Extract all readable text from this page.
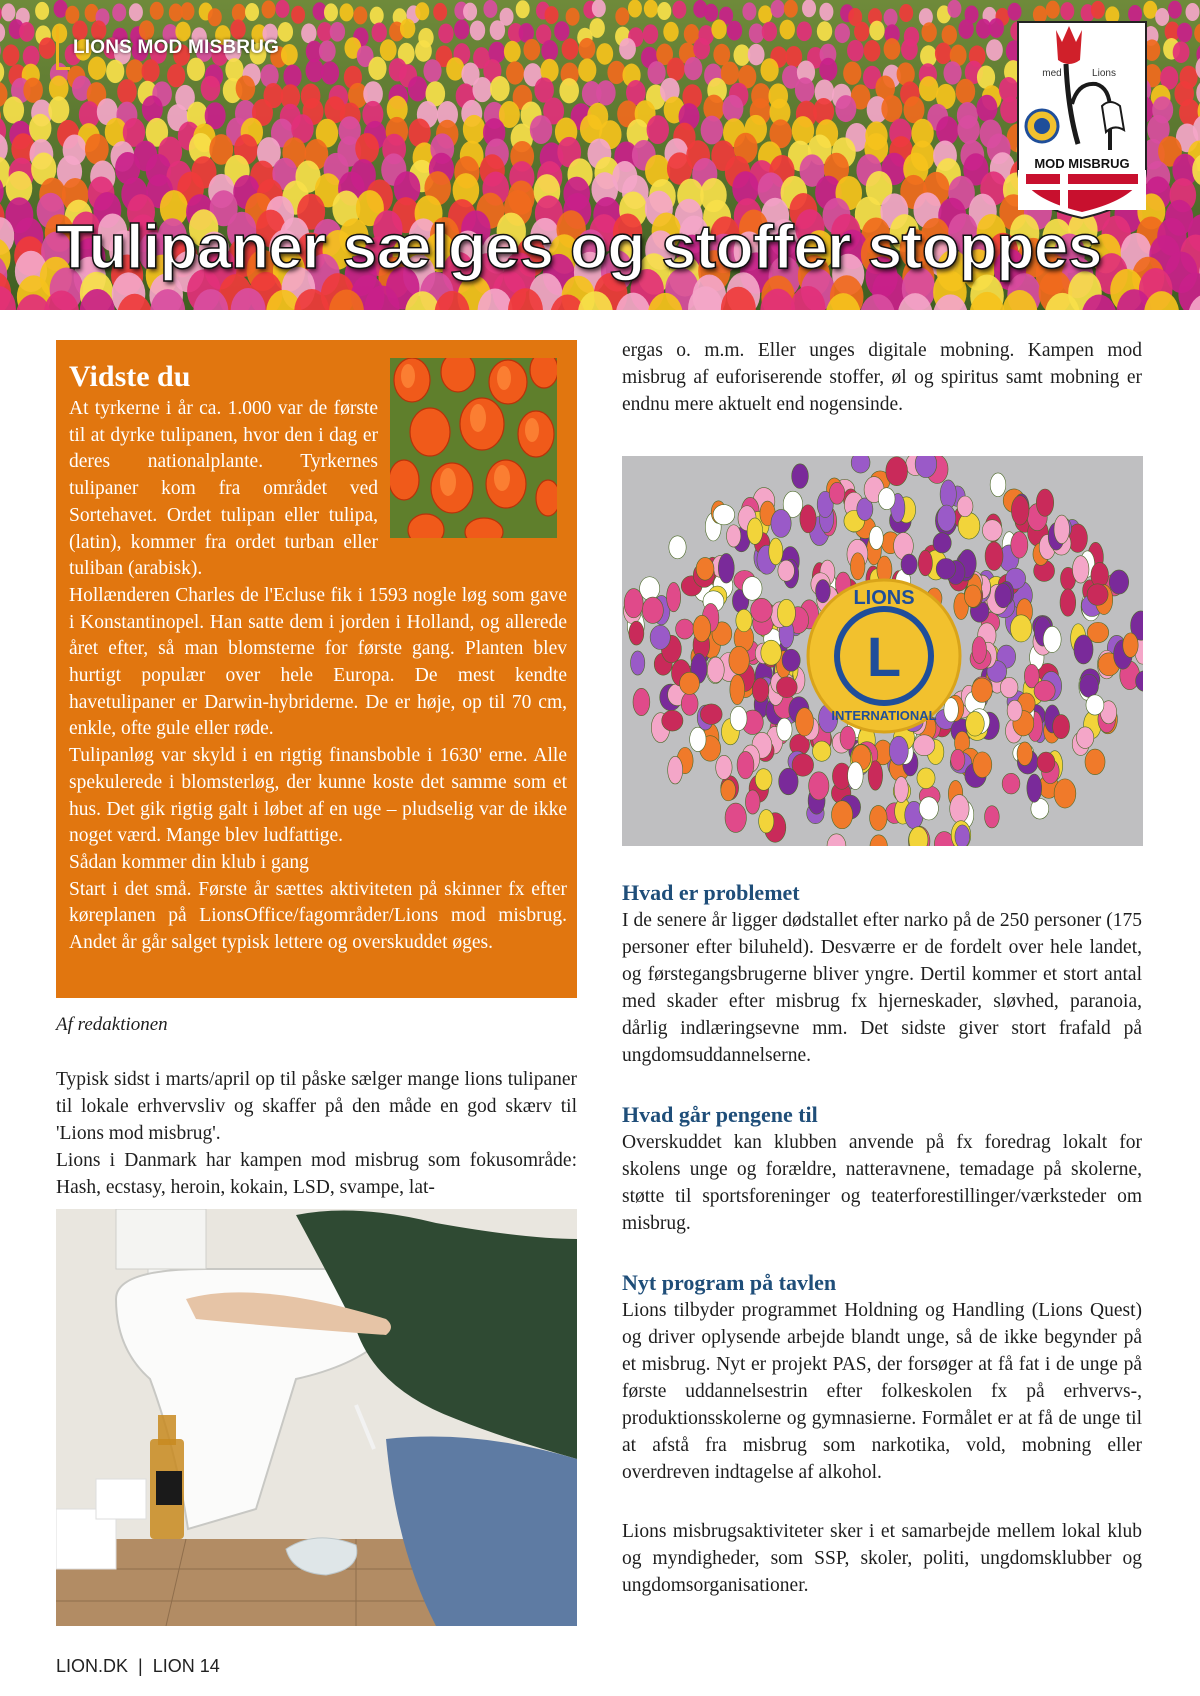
LIONS MOD MISBRUG
med	Lions
MOD MISBRUG
Tulipaner sælges og stoffer stoppes
Vidste du

At tyrkerne i år ca. 1.000 var de første til at dyrke tulipanen, hvor den i dag er deres nationalplante. Tyrkernes tulipaner kom fra området ved Sortehavet. Ordet tulipan eller tulipa, (latin), kommer fra ordet turban eller tuliban (arabisk).

Hollænderen Charles de l'Ecluse fik i 1593 nogle løg som gave i Konstantinopel. Han satte dem i jorden i Holland, og allerede året efter, så man blomsterne for første gang. Planten blev hurtigt populær over hele Europa. De mest kendte havetulipaner er Darwin-hybriderne. De er høje, op til 70 cm, enkle, ofte gule eller røde.

Tulipanløg var skyld i en rigtig finansboble i 1630' erne. Alle spekulerede i blomsterløg, der kunne koste det samme som et hus. Det gik rigtig galt i løbet af en uge – pludselig var de ikke noget værd. Mange blev ludfattige.

Sådan kommer din klub i gang

Start i det små. Første år sættes aktiviteten på skinner fx efter køreplanen på LionsOffice/fagområder/Lions mod misbrug. Andet år går salget typisk lettere og overskuddet øges.

Af redaktionen

Typisk sidst i marts/april op til påske sælger mange lions tulipaner til lokale erhvervsliv og skaffer på den måde en god skærv til 'Lions mod misbrug'.

Lions i Danmark har kampen mod misbrug som fokusområde: Hash, ecstasy, heroin, kokain, LSD, svampe, lat-

ergas o. m.m. Eller unges digitale mobning. Kampen mod misbrug af euforiserende stoffer, øl og spiritus samt mobning er endnu mere aktuelt end nogensinde.

L
LIONS
INTERNATIONAL
Hvad er problemet

I de senere år ligger dødstallet efter narko på de 250 personer (175 personer efter biluheld). Desværre er de fordelt over hele landet, og førstegangsbrugerne bliver yngre. Dertil kommer et stort antal med skader efter misbrug fx hjerneskader, sløvhed, paranoia, dårlig indlæringsevne mm. Det sidste giver stort frafald på ungdomsuddannelserne.

Hvad går pengene til

Overskuddet kan klubben anvende på fx foredrag lokalt for skolens unge og forældre, natteravnene, temadage på skolerne, støtte til sportsforeninger og teaterforestillinger/værksteder om misbrug.

Nyt program på tavlen

Lions tilbyder programmet Holdning og Handling (Lions Quest) og driver oplysende arbejde blandt unge, så de ikke begynder på et misbrug. Nyt er projekt PAS, der forsøger at få fat i de unge på første uddannelsestrin efter folkeskolen fx på erhvervs-, produktionsskolerne og gymnasierne. Formålet er at få de unge til at afstå fra misbrug som narkotika, vold, mobning eller overdreven indtagelse af alkohol.

Lions misbrugsaktiviteter sker i et samarbejde mellem lokal klub og myndigheder, som SSP, skoler, politi, ungdomsklubber og ungdomsorganisationer.

LION.DK | LION 14
